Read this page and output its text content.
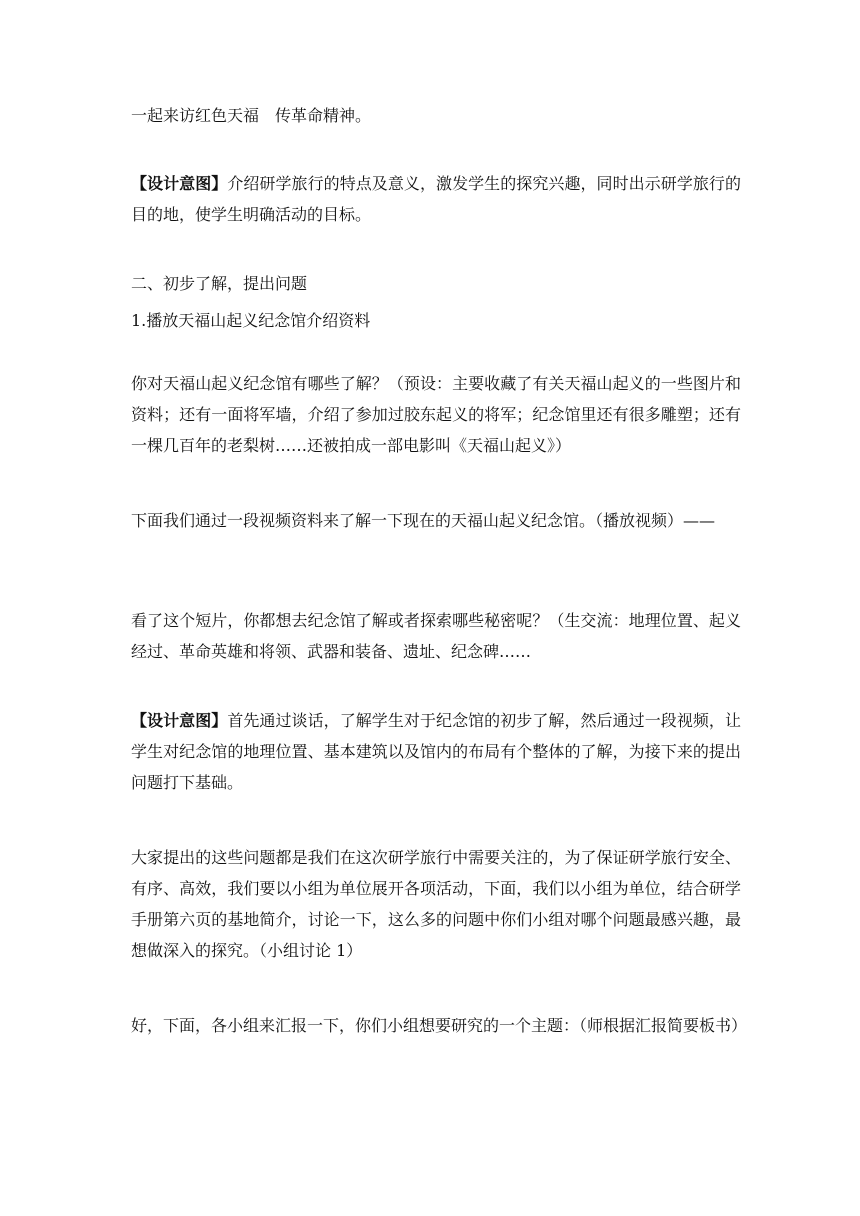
一起来访红色天福　传革命精神。

【设计意图】介绍研学旅行的特点及意义，激发学生的探究兴趣，同时出示研学旅行的目的地，使学生明确活动的目标。

二、初步了解，提出问题

1.播放天福山起义纪念馆介绍资料

你对天福山起义纪念馆有哪些了解？（预设：主要收藏了有关天福山起义的一些图片和资料；还有一面将军墙，介绍了参加过胶东起义的将军；纪念馆里还有很多雕塑；还有一棵几百年的老梨树……还被拍成一部电影叫《天福山起义》）

下面我们通过一段视频资料来了解一下现在的天福山起义纪念馆。（播放视频）——

看了这个短片，你都想去纪念馆了解或者探索哪些秘密呢？（生交流：地理位置、起义经过、革命英雄和将领、武器和装备、遗址、纪念碑……

【设计意图】首先通过谈话，了解学生对于纪念馆的初步了解，然后通过一段视频，让学生对纪念馆的地理位置、基本建筑以及馆内的布局有个整体的了解，为接下来的提出问题打下基础。

大家提出的这些问题都是我们在这次研学旅行中需要关注的，为了保证研学旅行安全、有序、高效，我们要以小组为单位展开各项活动，下面，我们以小组为单位，结合研学手册第六页的基地简介，讨论一下，这么多的问题中你们小组对哪个问题最感兴趣，最想做深入的探究。（小组讨论 1）

好，下面，各小组来汇报一下，你们小组想要研究的一个主题：（师根据汇报简要板书）
